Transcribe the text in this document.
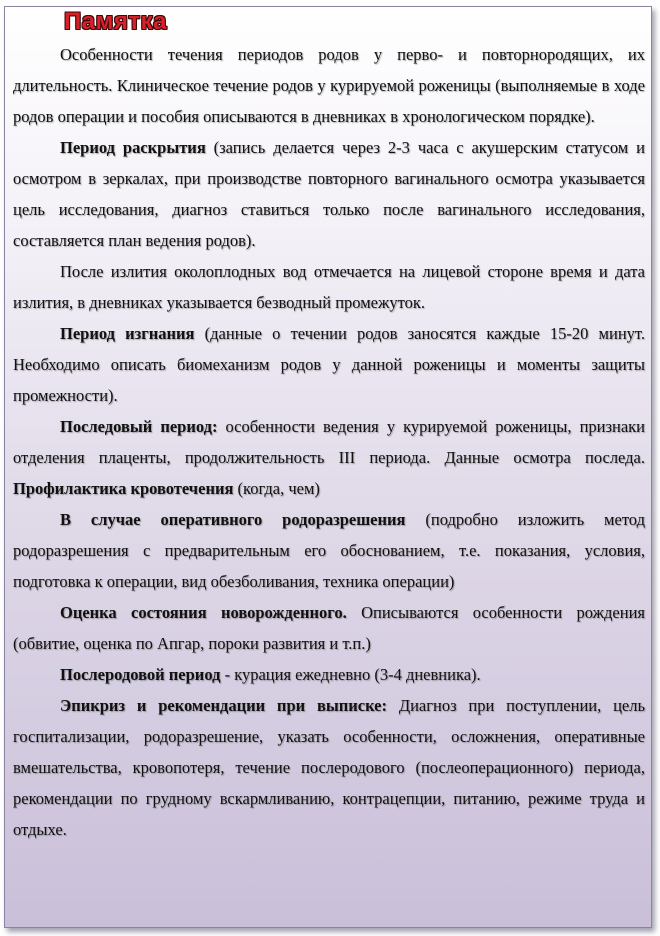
Памятка

Особенности течения периодов родов у перво- и повторнородящих, их длительность. Клиническое течение родов у курируемой роженицы (выполняемые в ходе родов операции и пособия описываются в дневниках в хронологическом порядке).

Период раскрытия (запись делается через 2-3 часа с акушерским статусом и осмотром в зеркалах, при производстве повторного вагинального осмотра указывается цель исследования, диагноз ставиться только после вагинального исследования, составляется план ведения родов).

После излития околоплодных вод отмечается на лицевой стороне время и дата излития, в дневниках указывается безводный промежуток.

Период изгнания (данные о течении родов заносятся каждые 15-20 минут. Необходимо описать биомеханизм родов у данной роженицы и моменты защиты промежности).

Последовый период: особенности ведения у курируемой роженицы, признаки отделения плаценты, продолжительность III периода. Данные осмотра последа. Профилактика кровотечения (когда, чем)

В случае оперативного родоразрешения (подробно изложить метод родоразрешения с предварительным его обоснованием, т.е. показания, условия, подготовка к операции, вид обезболивания, техника операции)

Оценка состояния новорожденного. Описываются особенности рождения (обвитие, оценка по Апгар, пороки развития и т.п.)

Послеродовой период - курация ежедневно (3-4 дневника).

Эпикриз и рекомендации при выписке: Диагноз при поступлении, цель госпитализации, родоразрешение, указать особенности, осложнения, оперативные вмешательства, кровопотеря, течение послеродового (послеоперационного) периода, рекомендации по грудному вскармливанию, контрацепции, питанию, режиме труда и отдыхе.
